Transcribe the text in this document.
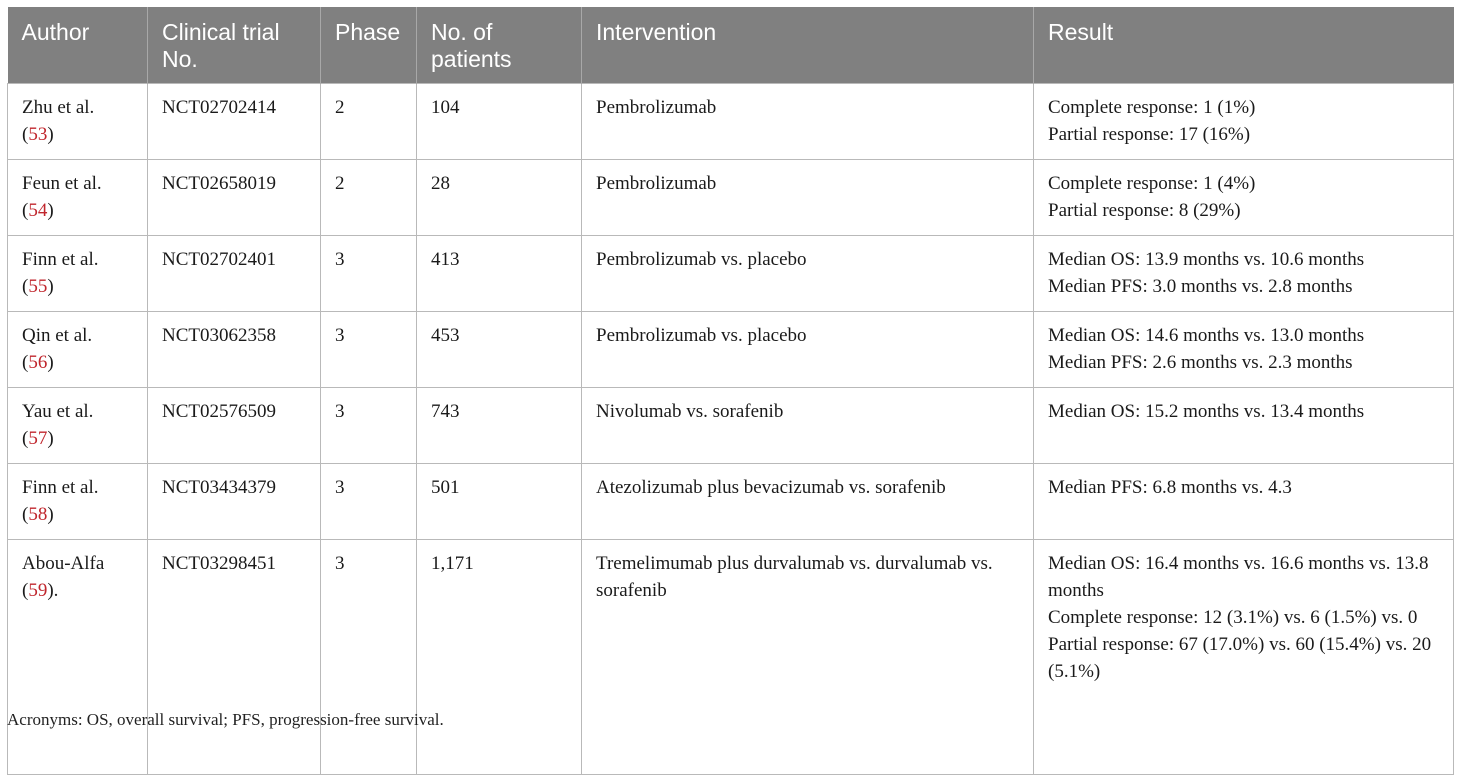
Author	Clinical trial No.	Phase	No. of patients	Intervention	Result
Zhu et al.
(53)	NCT02702414	2	104	Pembrolizumab	Complete response: 1 (1%)
Partial response: 17 (16%)

Feun et al.
(54)	NCT02658019	2	28	Pembrolizumab	Complete response: 1 (4%)
Partial response: 8 (29%)

Finn et al.
(55)	NCT02702401	3	413	Pembrolizumab vs. placebo	Median OS: 13.9 months vs. 10.6 months
Median PFS: 3.0 months vs. 2.8 months

Qin et al.
(56)	NCT03062358	3	453	Pembrolizumab vs. placebo	Median OS: 14.6 months vs. 13.0 months
Median PFS: 2.6 months vs. 2.3 months

Yau et al.
(57)	NCT02576509	3	743	Nivolumab vs. sorafenib	Median OS: 15.2 months vs. 13.4 months

Finn et al.
(58)	NCT03434379	3	501	Atezolizumab plus bevacizumab vs. sorafenib	Median PFS: 6.8 months vs. 4.3

Abou-Alfa
(59).	NCT03298451	3	1,171	Tremelimumab plus durvalumab vs. durvalumab vs. sorafenib	Median OS: 16.4 months vs. 16.6 months vs. 13.8 months
Complete response: 12 (3.1%) vs. 6 (1.5%) vs. 0
Partial response: 67 (17.0%) vs. 60 (15.4%) vs. 20 (5.1%)
Acronyms: OS, overall survival; PFS, progression-free survival.
